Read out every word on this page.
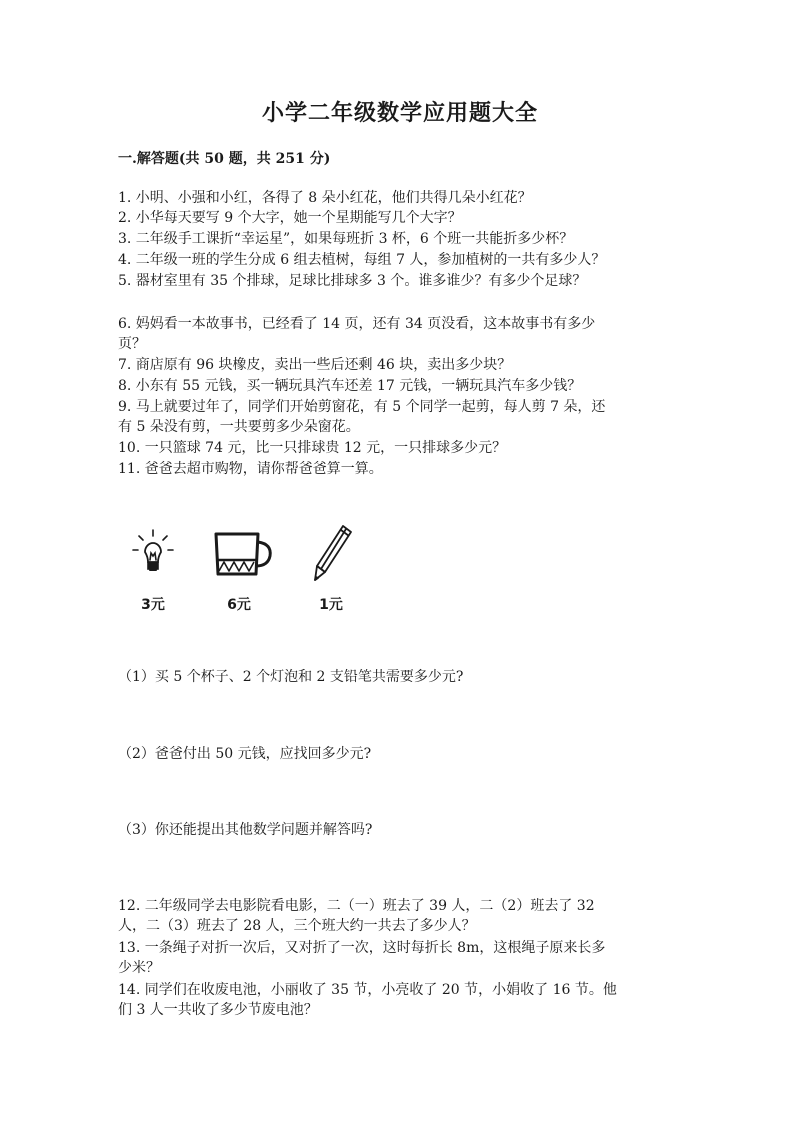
小学二年级数学应用题大全
一.解答题(共 50 题，共 251 分)
1. 小明、小强和小红，各得了 8 朵小红花，他们共得几朵小红花？
2. 小华每天要写 9 个大字，她一个星期能写几个大字？
3. 二年级手工课折“幸运星”，如果每班折 3 杯，6 个班一共能折多少杯？
4. 二年级一班的学生分成 6 组去植树，每组 7 人，参加植树的一共有多少人？
5. 器材室里有 35 个排球，足球比排球多 3 个。谁多谁少？有多少个足球？
6. 妈妈看一本故事书，已经看了 14 页，还有 34 页没看，这本故事书有多少
页？
7. 商店原有 96 块橡皮，卖出一些后还剩 46 块，卖出多少块？
8. 小东有 55 元钱，买一辆玩具汽车还差 17 元钱，一辆玩具汽车多少钱？
9. 马上就要过年了，同学们开始剪窗花，有 5 个同学一起剪，每人剪 7 朵，还
有 5 朵没有剪，一共要剪多少朵窗花。
10. 一只篮球 74 元，比一只排球贵 12 元，一只排球多少元？
11. 爸爸去超市购物，请你帮爸爸算一算。
3元	6元	1元
（1）买 5 个杯子、2 个灯泡和 2 支铅笔共需要多少元?
（2）爸爸付出 50 元钱，应找回多少元?
（3）你还能提出其他数学问题并解答吗?
12. 二年级同学去电影院看电影，二（一）班去了 39 人，二（2）班去了 32
人，二（3）班去了 28 人，三个班大约一共去了多少人？
13. 一条绳子对折一次后，又对折了一次，这时每折长 8m，这根绳子原来长多
少米？
14. 同学们在收废电池，小丽收了 35 节，小亮收了 20 节，小娟收了 16 节。他
们 3 人一共收了多少节废电池？
